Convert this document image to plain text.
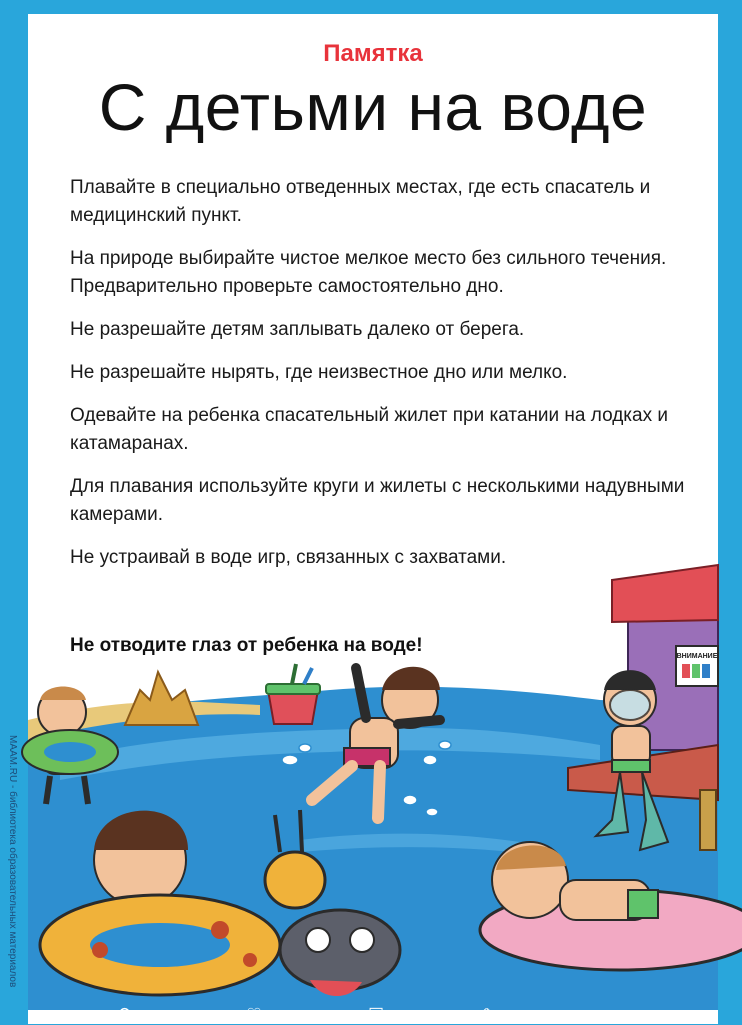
Памятка
С детьми на воде

Плавайте в специально отведенных местах, где есть спасатель и медицинский пункт.

На природе выбирайте чистое мелкое место без сильного течения. Предварительно проверьте самостоятельно дно.

Не разрешайте детям заплывать далеко от берега.

Не разрешайте нырять, где неизвестное дно или мелко.

Одевайте на ребенка спасательный жилет при катании на лодках и катамаранах.

Для плавания используйте круги и жилеты с несколькими надувными камерами.

Не устраивай в воде игр, связанных с захватами.

Не отводите глаз от ребенка на воде!
ВНИМАНИЕ
MAAM.RU - библиотека образовательных материалов
⚲	♡	☐	✎	─
